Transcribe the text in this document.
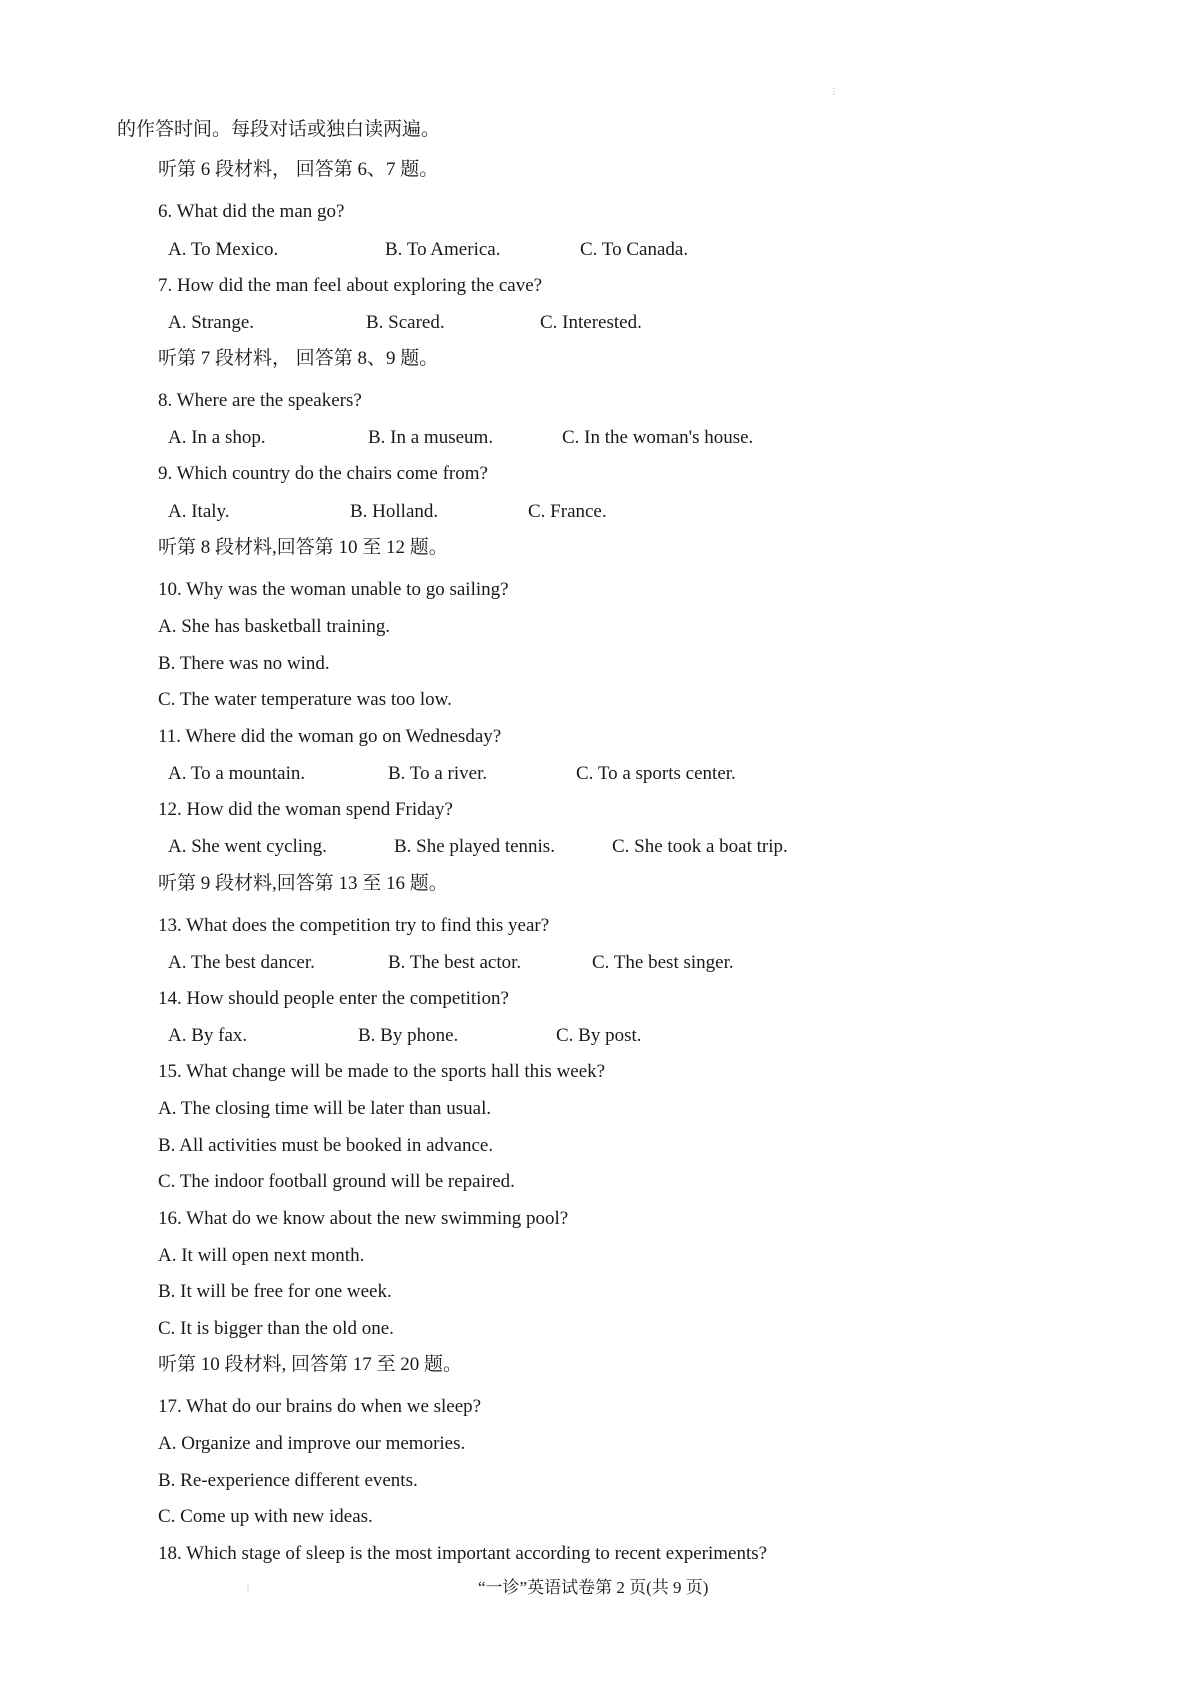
⋮
的作答时间。每段对话或独白读两遍。
听第 6 段材料， 回答第 6、7 题。
6. What did the man go?
A. To Mexico.	B. To America.	C. To Canada.
7. How did the man feel about exploring the cave?
A. Strange.	B. Scared.	C. Interested.
听第 7 段材料， 回答第 8、9 题。
8. Where are the speakers?
A. In a shop.	B. In a museum.	C. In the woman's house.
9. Which country do the chairs come from?
A. Italy.	B. Holland.	C. France.
听第 8 段材料,回答第 10 至 12 题。
10. Why was the woman unable to go sailing?
A. She has basketball training.
B. There was no wind.
C. The water temperature was too low.
11. Where did the woman go on Wednesday?
A. To a mountain.	B. To a river.	C. To a sports center.
12. How did the woman spend Friday?
A. She went cycling.	B. She played tennis.	C. She took a boat trip.
听第 9 段材料,回答第 13 至 16 题。
13. What does the competition try to find this year?
A. The best dancer.	B. The best actor.	C. The best singer.
14. How should people enter the competition?
A. By fax.	B. By phone.	C. By post.
15. What change will be made to the sports hall this week?
A. The closing time will be later than usual.
B. All activities must be booked in advance.
C. The indoor football ground will be repaired.
16. What do we know about the new swimming pool?
A. It will open next month.
B. It will be free for one week.
C. It is bigger than the old one.
听第 10 段材料, 回答第 17 至 20 题。
17. What do our brains do when we sleep?
A. Organize and improve our memories.
B. Re-experience different events.
C. Come up with new ideas.
18. Which stage of sleep is the most important according to recent experiments?
⋮	“一诊”英语试卷第 2 页(共 9 页)
